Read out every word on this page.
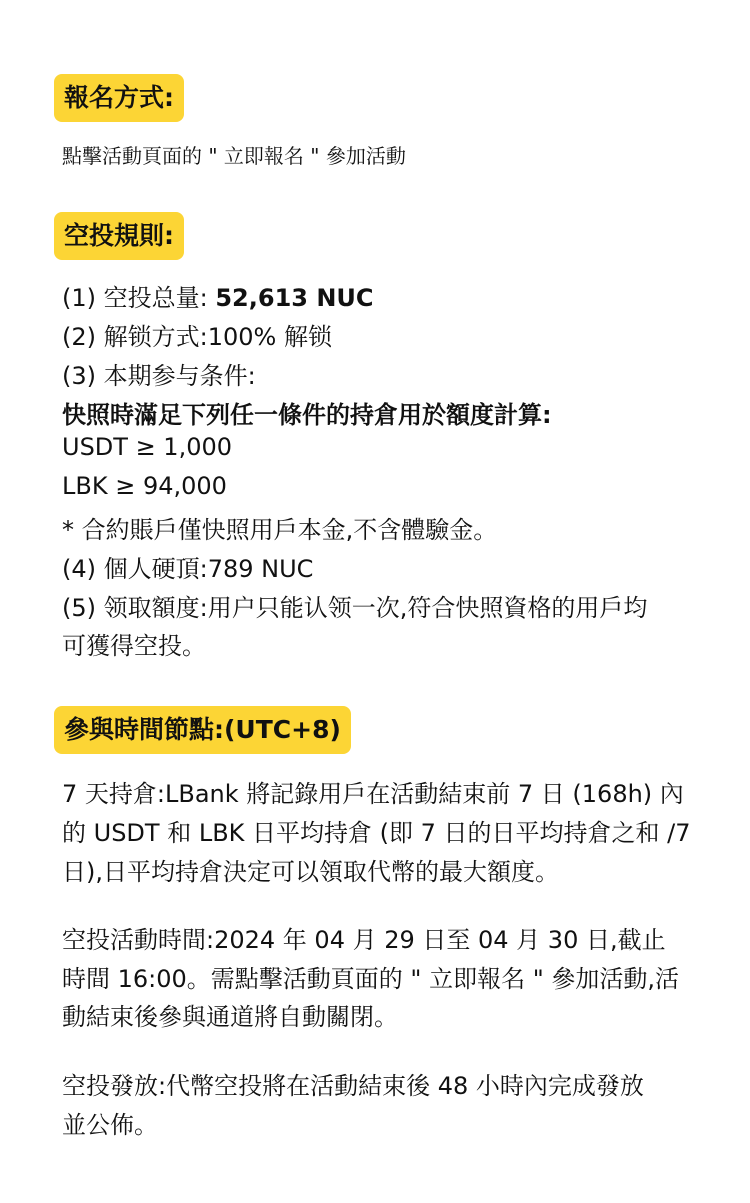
報名方式:
點擊活動頁面的 " 立即報名 " 參加活動
空投規則:
(1) 空投总量: 52,613 NUC
(2) 解锁方式:100% 解锁
(3) 本期参与条件:
快照時滿足下列任一條件的持倉用於額度計算:
USDT ≥ 1,000
LBK ≥ 94,000
* 合約賬戶僅快照用戶本金,不含體驗金。
(4) 個人硬頂:789 NUC
(5) 领取額度:用户只能认领一次,符合快照資格的用戶均
可獲得空投。
參與時間節點:(UTC+8)
7 天持倉:LBank 將記錄用戶在活動結束前 7 日 (168h) 內
的 USDT 和 LBK 日平均持倉 (即 7 日的日平均持倉之和 /7
日),日平均持倉決定可以領取代幣的最大額度。
空投活動時間:2024 年 04 月 29 日至 04 月 30 日,截止
時間 16:00。需點擊活動頁面的 " 立即報名 " 參加活動,活
動結束後參與通道將自動關閉。
空投發放:代幣空投將在活動結束後 48 小時內完成發放
並公佈。
